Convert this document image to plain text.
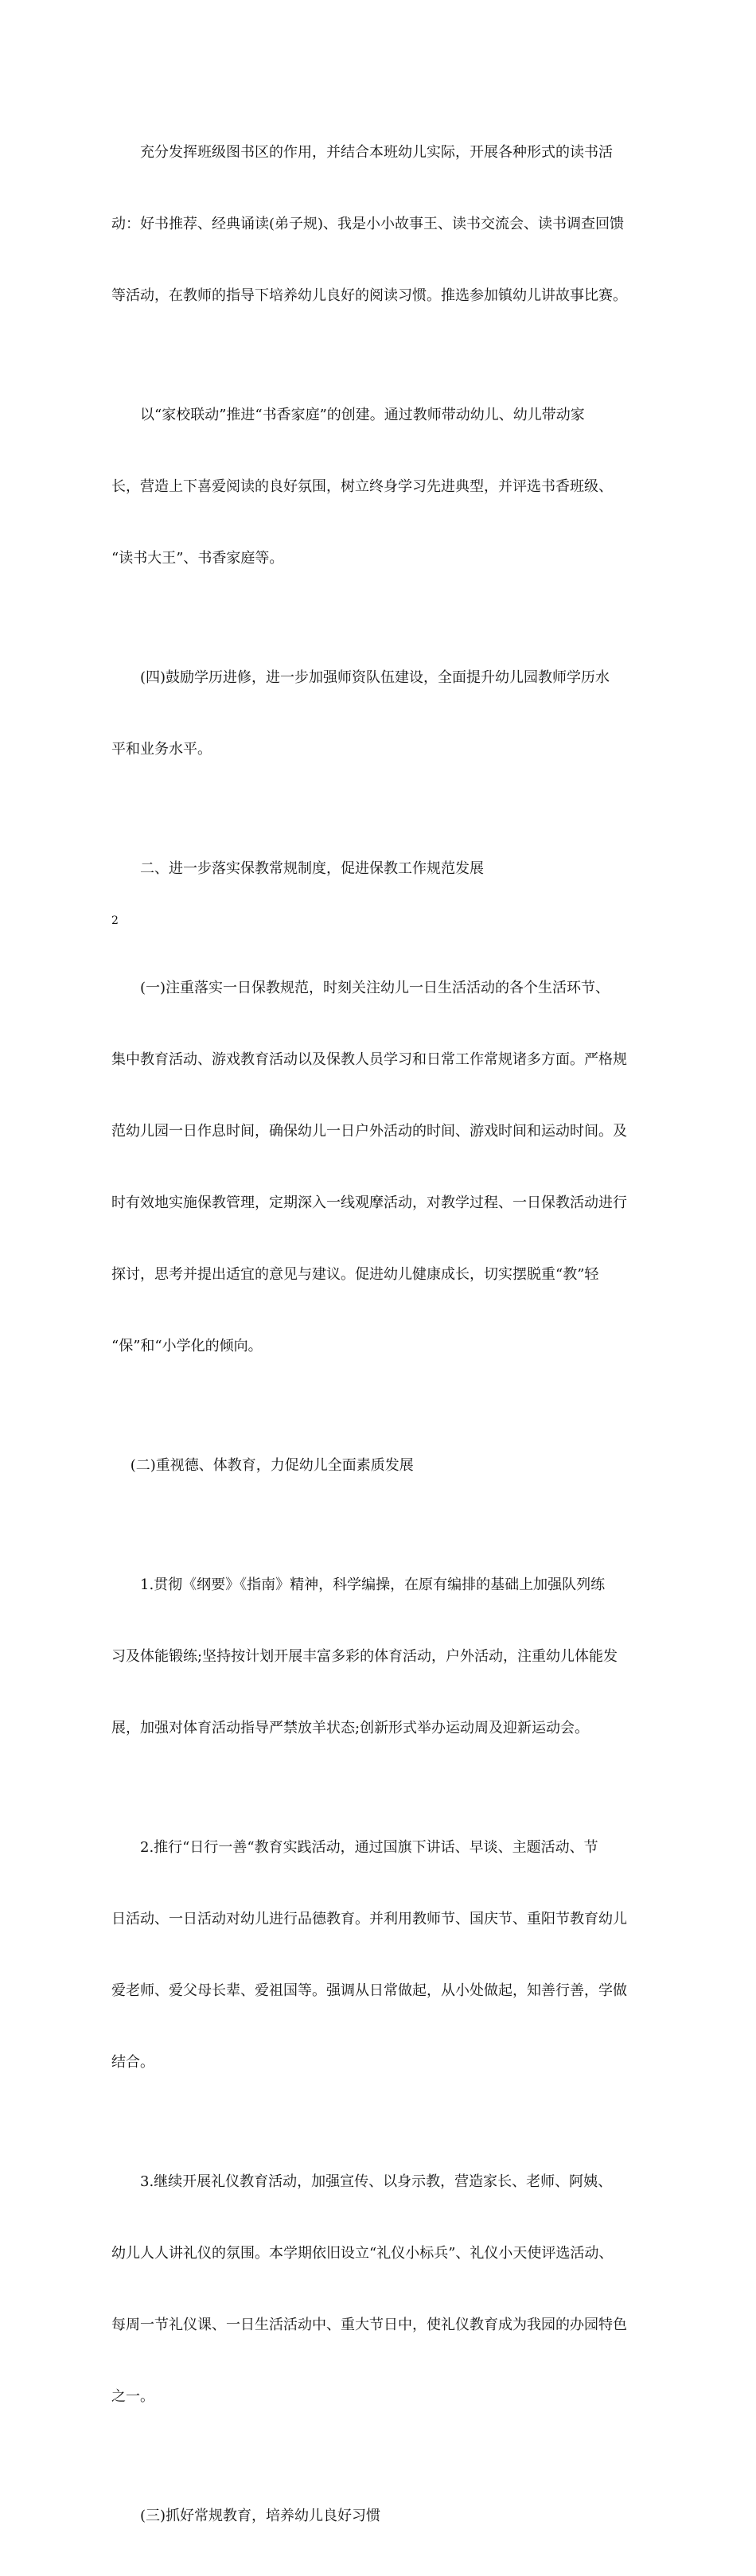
　　充分发挥班级图书区的作用，并结合本班幼儿实际，开展各种形式的读书活

动：好书推荐、经典诵读(弟子规)、我是小小故事王、读书交流会、读书调查回馈

等活动，在教师的指导下培养幼儿良好的阅读习惯。推选参加镇幼儿讲故事比赛。

　　以“家校联动”推进“书香家庭”的创建。通过教师带动幼儿、幼儿带动家

长，营造上下喜爱阅读的良好氛围，树立终身学习先进典型，并评选书香班级、

“读书大王”、书香家庭等。

　　(四)鼓励学历进修，进一步加强师资队伍建设，全面提升幼儿园教师学历水

平和业务水平。

　　二、进一步落实保教常规制度，促进保教工作规范发展

　　(一)注重落实一日保教规范，时刻关注幼儿一日生活活动的各个生活环节、

集中教育活动、游戏教育活动以及保教人员学习和日常工作常规诸多方面。严格规

范幼儿园一日作息时间，确保幼儿一日户外活动的时间、游戏时间和运动时间。及

时有效地实施保教管理，定期深入一线观摩活动，对教学过程、一日保教活动进行

探讨，思考并提出适宜的意见与建议。促进幼儿健康成长，切实摆脱重“教”轻

“保”和“小学化的倾向。

　 (二)重视德、体教育，力促幼儿全面素质发展

　　1.贯彻《纲要》《指南》精神，科学编操，在原有编排的基础上加强队列练

习及体能锻练;坚持按计划开展丰富多彩的体育活动，户外活动，注重幼儿体能发

展，加强对体育活动指导严禁放羊状态;创新形式举办运动周及迎新运动会。

　　2.推行“日行一善“教育实践活动，通过国旗下讲话、早谈、主题活动、节

日活动、一日活动对幼儿进行品德教育。并利用教师节、国庆节、重阳节教育幼儿

爱老师、爱父母长辈、爱祖国等。强调从日常做起，从小处做起，知善行善，学做

结合。

　　3.继续开展礼仪教育活动，加强宣传、以身示教，营造家长、老师、阿姨、

幼儿人人讲礼仪的氛围。本学期依旧设立“礼仪小标兵”、礼仪小天使评选活动、

每周一节礼仪课、一日生活活动中、重大节日中，使礼仪教育成为我园的办园特色

之一。

　　(三)抓好常规教育，培养幼儿良好习惯

2
